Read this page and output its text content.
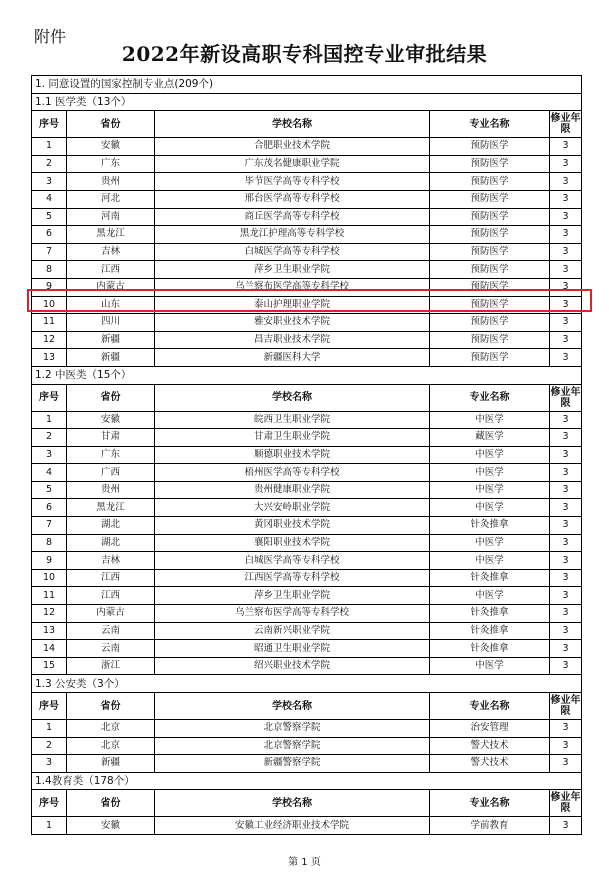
附件
2022年新设高职专科国控专业审批结果
1. 同意设置的国家控制专业点(209个)				
1.1 医学类（13个）				
序号	省份	学校名称	专业名称	修业年限
1	安徽	合肥职业技术学院	预防医学	3
2	广东	广东茂名健康职业学院	预防医学	3
3	贵州	毕节医学高等专科学校	预防医学	3
4	河北	邢台医学高等专科学校	预防医学	3
5	河南	商丘医学高等专科学校	预防医学	3
6	黑龙江	黑龙江护理高等专科学校	预防医学	3
7	吉林	白城医学高等专科学校	预防医学	3
8	江西	萍乡卫生职业学院	预防医学	3
9	内蒙古	乌兰察布医学高等专科学校	预防医学	3
10	山东	泰山护理职业学院	预防医学	3
11	四川	雅安职业技术学院	预防医学	3
12	新疆	昌吉职业技术学院	预防医学	3
13	新疆	新疆医科大学	预防医学	3
1.2 中医类（15个）				
序号	省份	学校名称	专业名称	修业年限
1	安徽	皖西卫生职业学院	中医学	3
2	甘肃	甘肃卫生职业学院	藏医学	3
3	广东	顺德职业技术学院	中医学	3
4	广西	梧州医学高等专科学校	中医学	3
5	贵州	贵州健康职业学院	中医学	3
6	黑龙江	大兴安岭职业学院	中医学	3
7	湖北	黄冈职业技术学院	针灸推拿	3
8	湖北	襄阳职业技术学院	中医学	3
9	吉林	白城医学高等专科学校	中医学	3
10	江西	江西医学高等专科学校	针灸推拿	3
11	江西	萍乡卫生职业学院	中医学	3
12	内蒙古	乌兰察布医学高等专科学校	针灸推拿	3
13	云南	云南新兴职业学院	针灸推拿	3
14	云南	昭通卫生职业学院	针灸推拿	3
15	浙江	绍兴职业技术学院	中医学	3
1.3 公安类（3个）				
序号	省份	学校名称	专业名称	修业年限
1	北京	北京警察学院	治安管理	3
2	北京	北京警察学院	警犬技术	3
3	新疆	新疆警察学院	警犬技术	3
1.4教育类（178个）				
序号	省份	学校名称	专业名称	修业年限
1	安徽	安徽工业经济职业技术学院	学前教育	3
第 1 页
